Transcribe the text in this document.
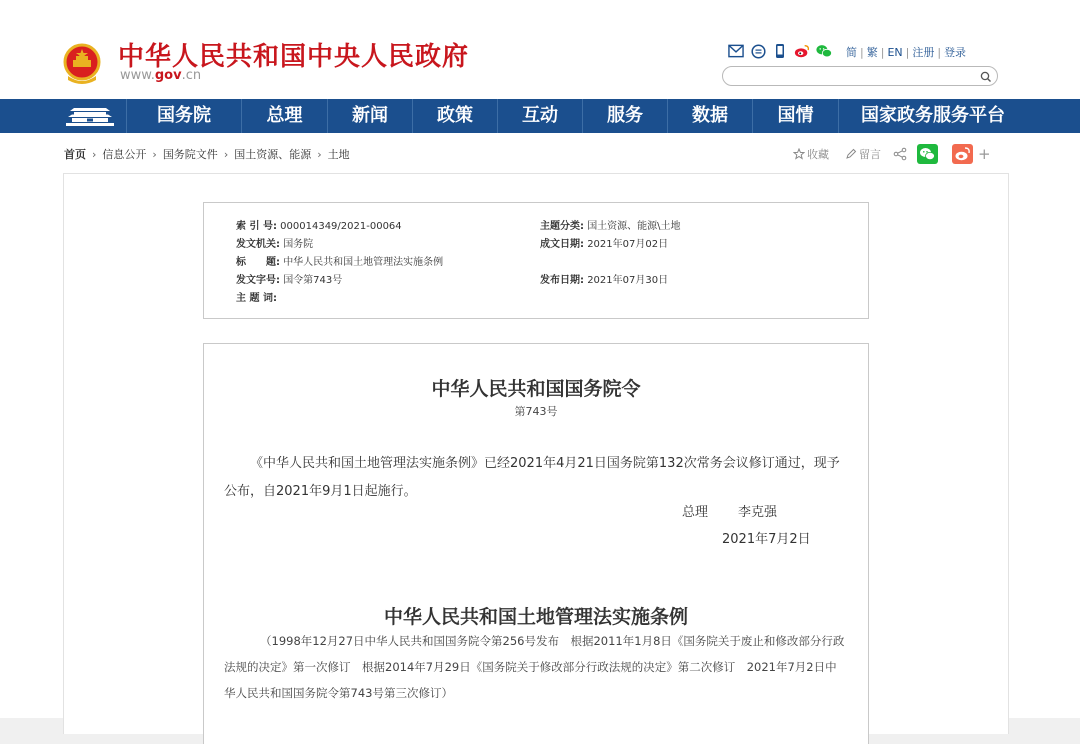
中华人民共和国中央人民政府
www.gov.cn
简 | 繁 | EN | 注册 | 登录
国务院	总理	新闻	政策	互动	服务	数据	国情	国家政务服务平台
首页 › 信息公开 › 国务院文件 › 国土资源、能源 › 土地	收藏	留言	+
索 引 号: 000014349/2021-00064	主题分类: 国土资源、能源\土地
发文机关: 国务院	成文日期: 2021年07月02日
标　　题: 中华人民共和国土地管理法实施条例
发文字号: 国令第743号	发布日期: 2021年07月30日
主 题 词:
中华人民共和国国务院令
第743号

《中华人民共和国土地管理法实施条例》已经2021年4月21日国务院第132次常务会议修订通过，现予公布，自2021年9月1日起施行。

总理 李克强
2021年7月2日
中华人民共和国土地管理法实施条例

（1998年12月27日中华人民共和国国务院令第256号发布　根据2011年1月8日《国务院关于废止和修改部分行政法规的决定》第一次修订　根据2014年7月29日《国务院关于修改部分行政法规的决定》第二次修订　2021年7月2日中华人民共和国国务院令第743号第三次修订）
